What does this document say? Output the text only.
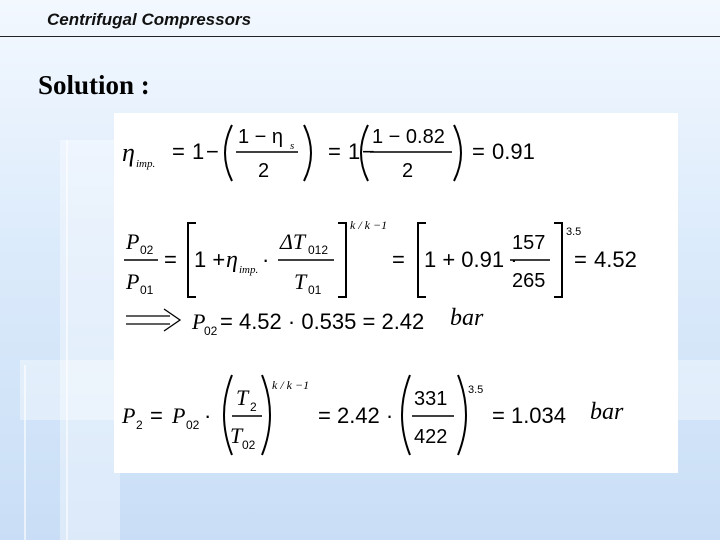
Centrifugal Compressors
Solution :
η imp. = 1 −
1 − η s
2
= 1 −
1 − 0.82
2
= 0.91
P 02
P 01
= 1 + η imp. ·
ΔT 012
T 01
k / k −1
= 1 + 0.91 ·
157
265
3.5
= 4.52
P
02 = 4.52 · 0.535 = 2.42 bar
P 2 = P 02 ·
T 2
T 02
k / k −1
= 2.42 ·
331
422
3.5
= 1.034 bar
